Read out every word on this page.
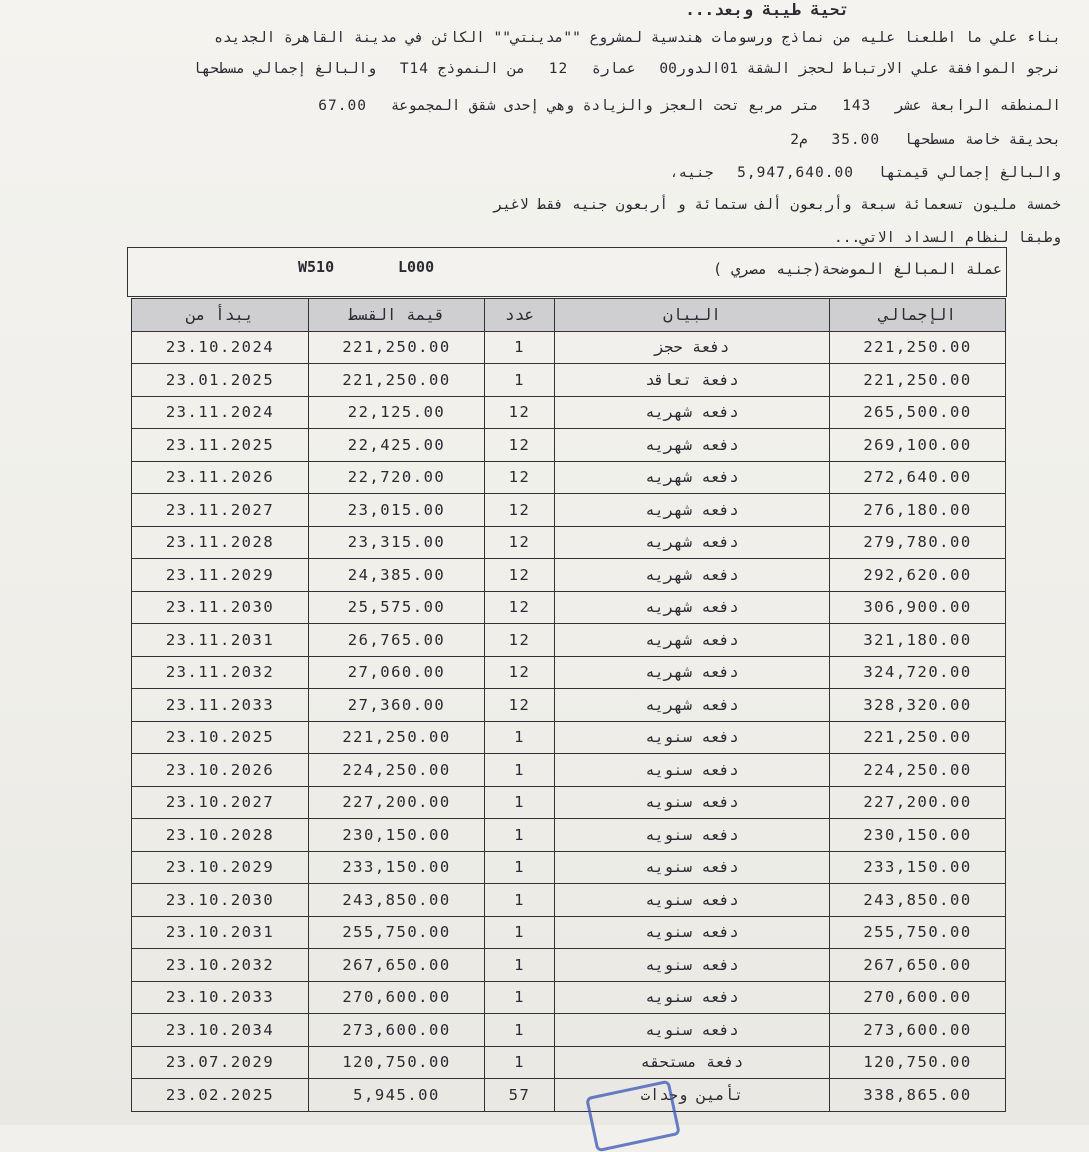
تحية طيبة وبعد...
بناء علي ما اطلعنا عليه من نماذج ورسومات هندسية لمشروع ""مدينتي"" الكائن في مدينة القاهرة الجديده
نرجو الموافقة علي الارتباط لحجز الشقة 01الدور00 عمارة 12 من النموذج T14 والبالغ إجمالي مسطحها
المنطقه الرابعة عشر 143 متر مربع تحت العجز والزيادة وهي إحدى شقق المجموعة 67.00
بحديقة خاصة مسطحها 35.00 م2
والبالغ إجمالي قيمتها 5,947,640.00 جنيه،
خمسة مليون تسعمائة سبعة وأربعون ألف ستمائة و أربعون جنيه فقط لاغير
وطبقا لنظام السداد الاتي...
عملة المبالغ الموضحة(جنيه مصري )
W510	L000
يبدأ من	قيمة القسط	عدد	البيان	الإجمالي
23.10.2024	221,250.00	1	دفعة حجز	221,250.00
23.01.2025	221,250.00	1	دفعة تعاقد	221,250.00
23.11.2024	22,125.00	12	دفعه شهريه	265,500.00
23.11.2025	22,425.00	12	دفعه شهريه	269,100.00
23.11.2026	22,720.00	12	دفعه شهريه	272,640.00
23.11.2027	23,015.00	12	دفعه شهريه	276,180.00
23.11.2028	23,315.00	12	دفعه شهريه	279,780.00
23.11.2029	24,385.00	12	دفعه شهريه	292,620.00
23.11.2030	25,575.00	12	دفعه شهريه	306,900.00
23.11.2031	26,765.00	12	دفعه شهريه	321,180.00
23.11.2032	27,060.00	12	دفعه شهريه	324,720.00
23.11.2033	27,360.00	12	دفعه شهريه	328,320.00
23.10.2025	221,250.00	1	دفعه سنويه	221,250.00
23.10.2026	224,250.00	1	دفعه سنويه	224,250.00
23.10.2027	227,200.00	1	دفعه سنويه	227,200.00
23.10.2028	230,150.00	1	دفعه سنويه	230,150.00
23.10.2029	233,150.00	1	دفعه سنويه	233,150.00
23.10.2030	243,850.00	1	دفعه سنويه	243,850.00
23.10.2031	255,750.00	1	دفعه سنويه	255,750.00
23.10.2032	267,650.00	1	دفعه سنويه	267,650.00
23.10.2033	270,600.00	1	دفعه سنويه	270,600.00
23.10.2034	273,600.00	1	دفعه سنويه	273,600.00
23.07.2029	120,750.00	1	دفعة مستحقه	120,750.00
23.02.2025	5,945.00	57	تأمين وحدات	338,865.00
